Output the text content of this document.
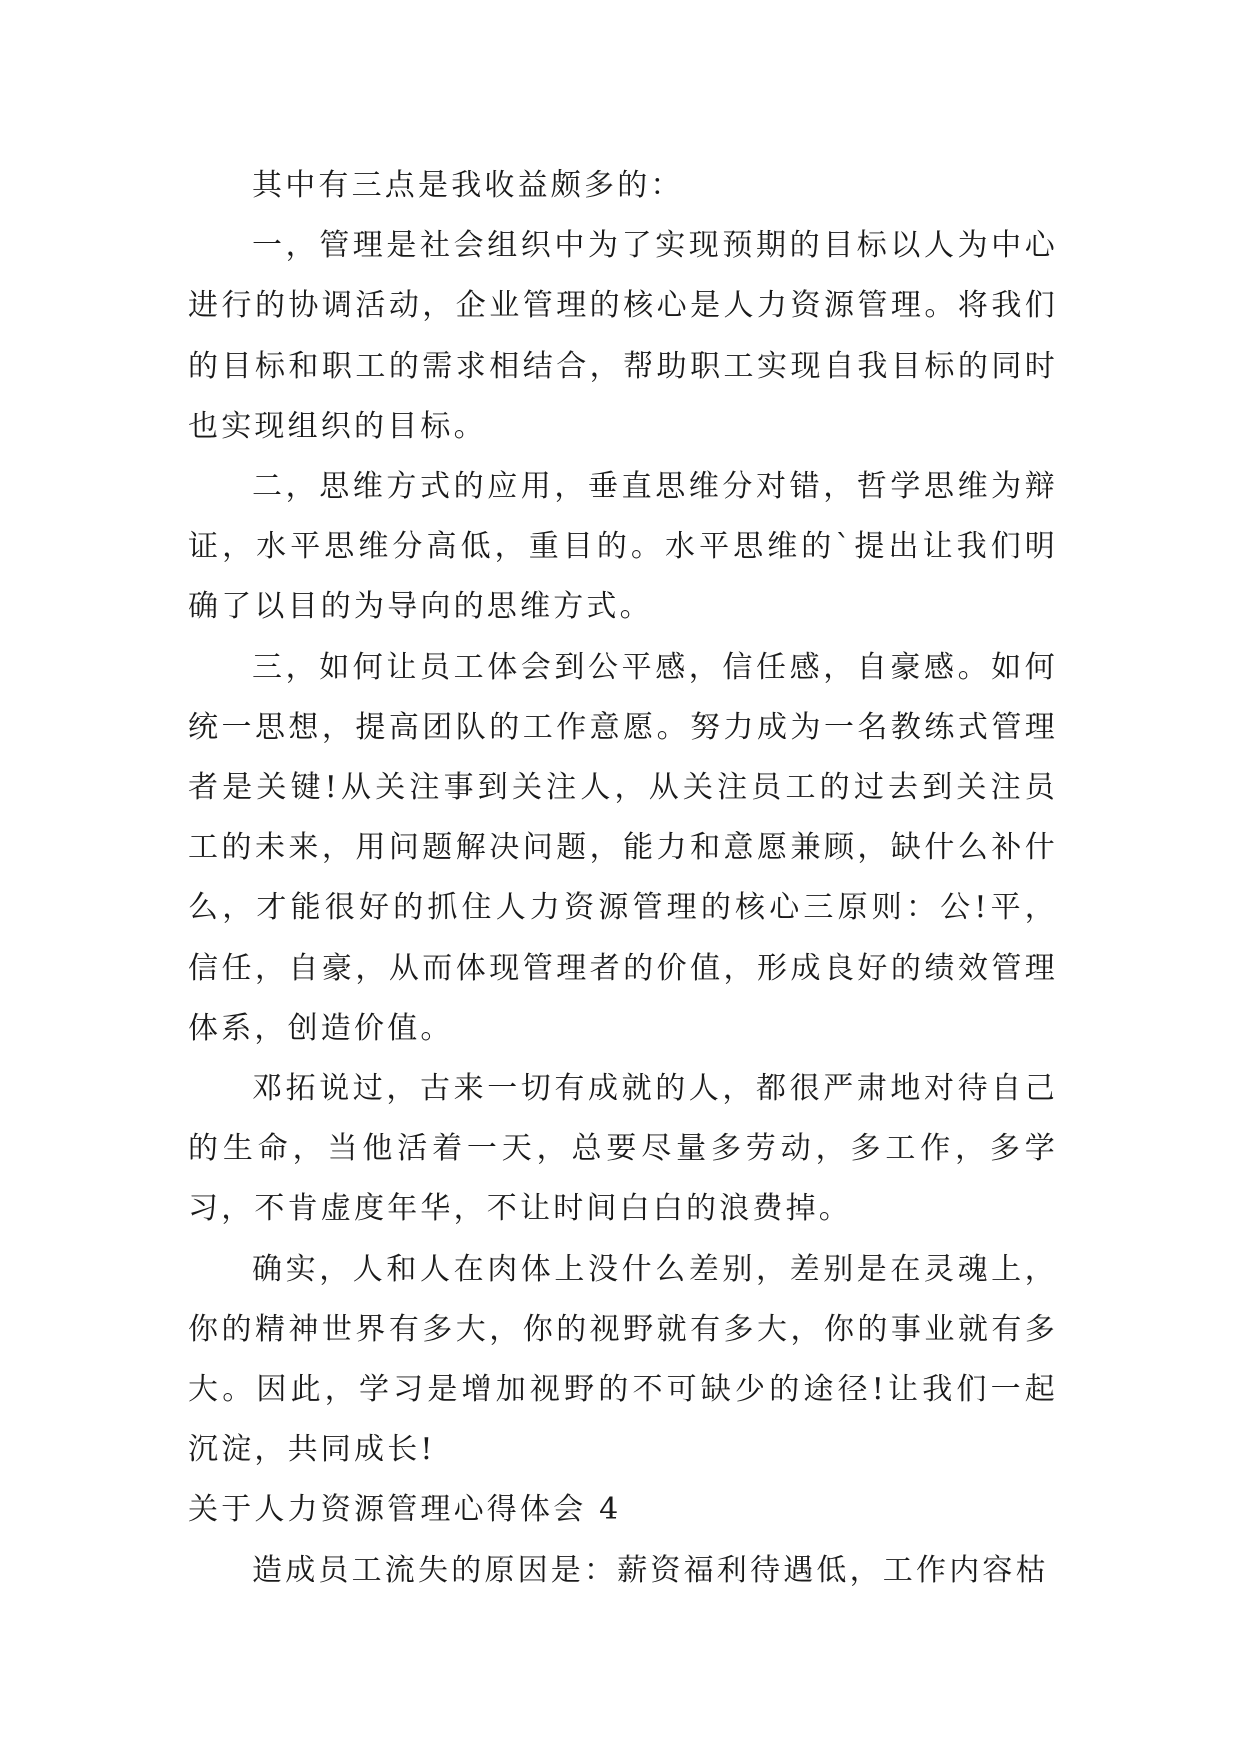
其中有三点是我收益颇多的：

一，管理是社会组织中为了实现预期的目标以人为中心进行的协调活动，企业管理的核心是人力资源管理。将我们的目标和职工的需求相结合，帮助职工实现自我目标的同时也实现组织的目标。

二，思维方式的应用，垂直思维分对错，哲学思维为辩证，水平思维分高低，重目的。水平思维的`提出让我们明确了以目的为导向的思维方式。

三，如何让员工体会到公平感，信任感，自豪感。如何统一思想，提高团队的工作意愿。努力成为一名教练式管理者是关键!从关注事到关注人，从关注员工的过去到关注员工的未来，用问题解决问题，能力和意愿兼顾，缺什么补什么，才能很好的抓住人力资源管理的核心三原则：公!平，信任，自豪，从而体现管理者的价值，形成良好的绩效管理体系，创造价值。

邓拓说过，古来一切有成就的人，都很严肃地对待自己的生命，当他活着一天，总要尽量多劳动，多工作，多学习，不肯虚度年华，不让时间白白的浪费掉。

确实，人和人在肉体上没什么差别，差别是在灵魂上，你的精神世界有多大，你的视野就有多大，你的事业就有多大。因此，学习是增加视野的不可缺少的途径!让我们一起沉淀，共同成长!

关于人力资源管理心得体会 4

造成员工流失的原因是：薪资福利待遇低，工作内容枯
